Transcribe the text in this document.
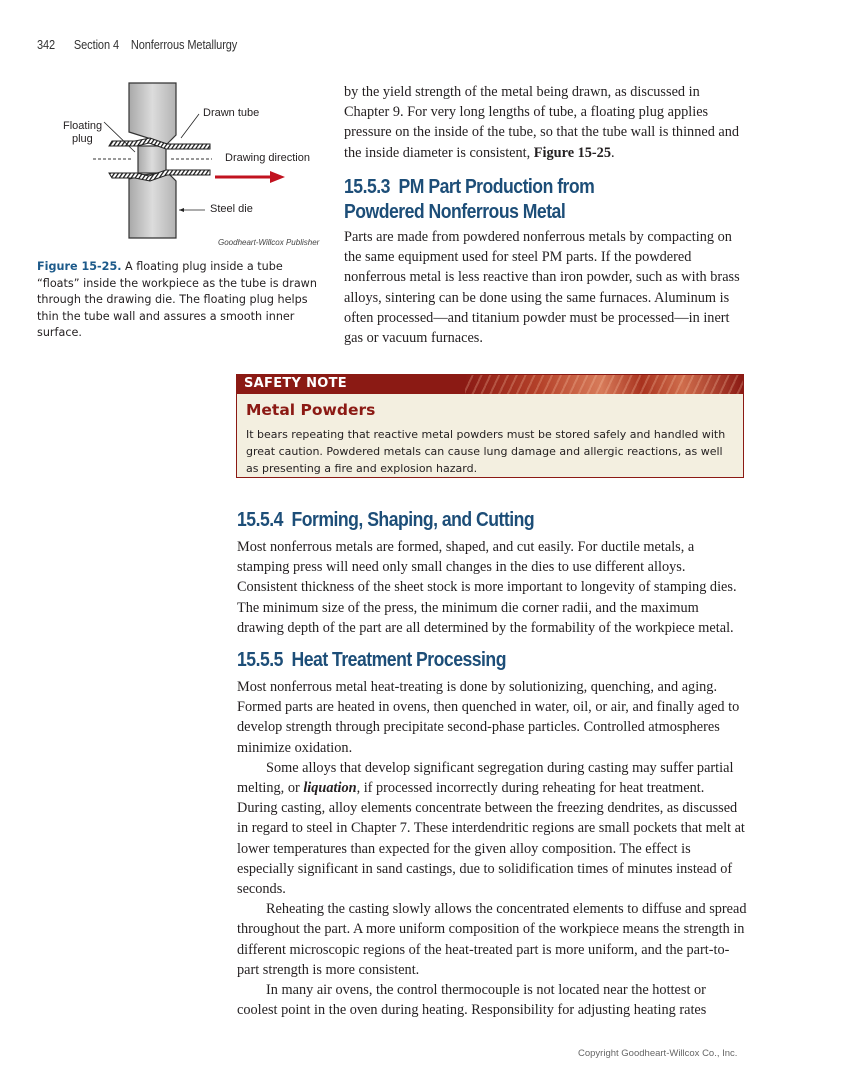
342 Section 4 Nonferrous Metallurgy
Drawn tube
Floating
plug
Drawing direction
Steel die
Goodheart-Willcox Publisher
Figure 15-25. A floating plug inside a tube “floats” inside the workpiece as the tube is drawn through the drawing die. The floating plug helps thin the tube wall and assures a smooth inner surface.

by the yield strength of the metal being drawn, as discussed in Chapter 9. For very long lengths of tube, a floating plug applies pressure on the inside of the tube, so that the tube wall is thinned and the inside diameter is consistent, Figure 15-25.

15.5.3 PM Part Production from
Powdered Nonferrous Metal

Parts are made from powdered nonferrous metals by compacting on the same equipment used for steel PM parts. If the powdered nonferrous metal is less reactive than iron powder, such as with brass alloys, sintering can be done using the same furnaces. Aluminum is often processed—and titanium powder must be processed—in inert gas or vacuum furnaces.

SAFETY NOTE
Metal Powders
It bears repeating that reactive metal powders must be stored safely and handled with great caution. Powdered metals can cause lung damage and allergic reactions, as well as presenting a fire and explosion hazard.
15.5.4 Forming, Shaping, and Cutting

Most nonferrous metals are formed, shaped, and cut easily. For ductile metals, a stamping press will need only small changes in the dies to use different alloys. Consistent thickness of the sheet stock is more important to longevity of stamping dies. The minimum size of the press, the minimum die corner radii, and the maximum drawing depth of the part are all determined by the formability of the workpiece metal.

15.5.5 Heat Treatment Processing

Most nonferrous metal heat-treating is done by solutionizing, quenching, and aging. Formed parts are heated in ovens, then quenched in water, oil, or air, and finally aged to develop strength through precipitate second-phase particles. Controlled atmospheres minimize oxidation.

Some alloys that develop significant segregation during casting may suffer partial melting, or liquation, if processed incorrectly during reheating for heat treatment. During casting, alloy elements concentrate between the freezing dendrites, as discussed in regard to steel in Chapter 7. These interdendritic regions are small pockets that melt at lower temperatures than expected for the given alloy composition. The effect is especially significant in sand castings, due to solidification times of minutes instead of seconds.

Reheating the casting slowly allows the concentrated elements to diffuse and spread throughout the part. A more uniform composition of the workpiece means the strength in different microscopic regions of the heat-treated part is more uniform, and the part-to-part strength is more consistent.

In many air ovens, the control thermocouple is not located near the hottest or coolest point in the oven during heating. Responsibility for adjusting heating rates

Copyright Goodheart-Willcox Co., Inc.
